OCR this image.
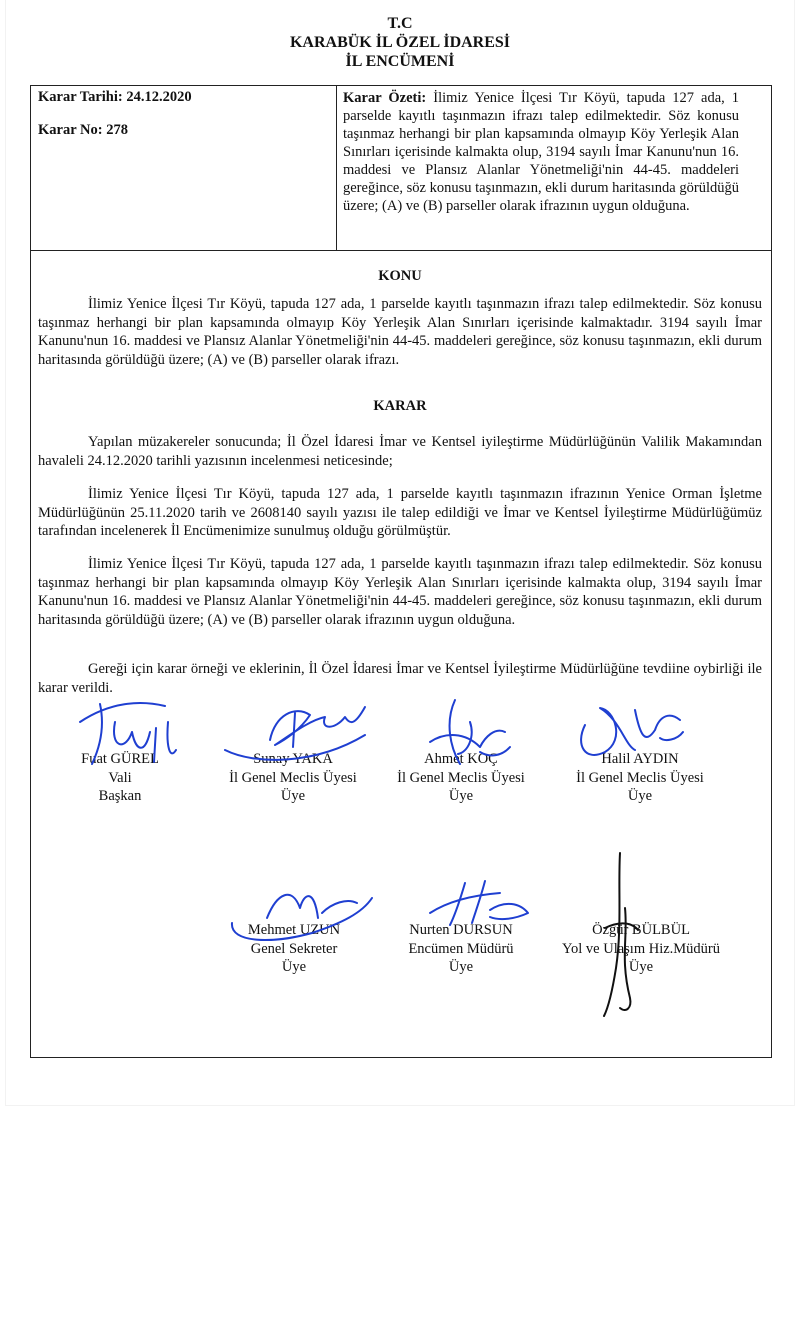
T.C
KARABÜK İL ÖZEL İDARESİ
İL ENCÜMENİ
Karar Tarihi: 24.12.2020
Karar No: 278
Karar Özeti: İlimiz Yenice İlçesi Tır Köyü, tapuda 127 ada, 1 parselde kayıtlı taşınmazın ifrazı talep edilmektedir. Söz konusu taşınmaz herhangi bir plan kapsamında olmayıp Köy Yerleşik Alan Sınırları içerisinde kalmakta olup, 3194 sayılı İmar Kanunu'nun 16. maddesi ve Plansız Alanlar Yönetmeliği'nin 44-45. maddeleri gereğince, söz konusu taşınmazın, ekli durum haritasında görüldüğü üzere; (A) ve (B) parseller olarak ifrazının uygun olduğuna.
KONU
İlimiz Yenice İlçesi Tır Köyü, tapuda 127 ada, 1 parselde kayıtlı taşınmazın ifrazı talep edilmektedir. Söz konusu taşınmaz herhangi bir plan kapsamında olmayıp Köy Yerleşik Alan Sınırları içerisinde kalmaktadır. 3194 sayılı İmar Kanunu'nun 16. maddesi ve Plansız Alanlar Yönetmeliği'nin 44-45. maddeleri gereğince, söz konusu taşınmazın, ekli durum haritasında görüldüğü üzere; (A) ve (B) parseller olarak ifrazı.
KARAR
Yapılan müzakereler sonucunda; İl Özel İdaresi İmar ve Kentsel iyileştirme Müdürlüğünün Valilik Makamından havaleli 24.12.2020 tarihli yazısının incelenmesi neticesinde;
İlimiz Yenice İlçesi Tır Köyü, tapuda 127 ada, 1 parselde kayıtlı taşınmazın ifrazının Yenice Orman İşletme Müdürlüğünün 25.11.2020 tarih ve 2608140 sayılı yazısı ile talep edildiği ve İmar ve Kentsel İyileştirme Müdürlüğümüz tarafından incelenerek İl Encümenimize sunulmuş olduğu görülmüştür.
İlimiz Yenice İlçesi Tır Köyü, tapuda 127 ada, 1 parselde kayıtlı taşınmazın ifrazı talep edilmektedir. Söz konusu taşınmaz herhangi bir plan kapsamında olmayıp Köy Yerleşik Alan Sınırları içerisinde kalmakta olup, 3194 sayılı İmar Kanunu'nun 16. maddesi ve Plansız Alanlar Yönetmeliği'nin 44-45. maddeleri gereğince, söz konusu taşınmazın, ekli durum haritasında görüldüğü üzere; (A) ve (B) parseller olarak ifrazının uygun olduğuna.
Gereği için karar örneği ve eklerinin, İl Özel İdaresi İmar ve Kentsel İyileştirme Müdürlüğüne tevdiine oybirliği ile karar verildi.
Fuat GÜREL
Vali
Başkan
Sunay YAKA
İl Genel Meclis Üyesi
Üye
Ahmet KOÇ
İl Genel Meclis Üyesi
Üye
Halil AYDIN
İl Genel Meclis Üyesi
Üye
Mehmet UZUN
Genel Sekreter
Üye
Nurten DURSUN
Encümen Müdürü
Üye
Özgür BÜLBÜL
Yol ve Ulaşım Hiz.Müdürü
Üye
